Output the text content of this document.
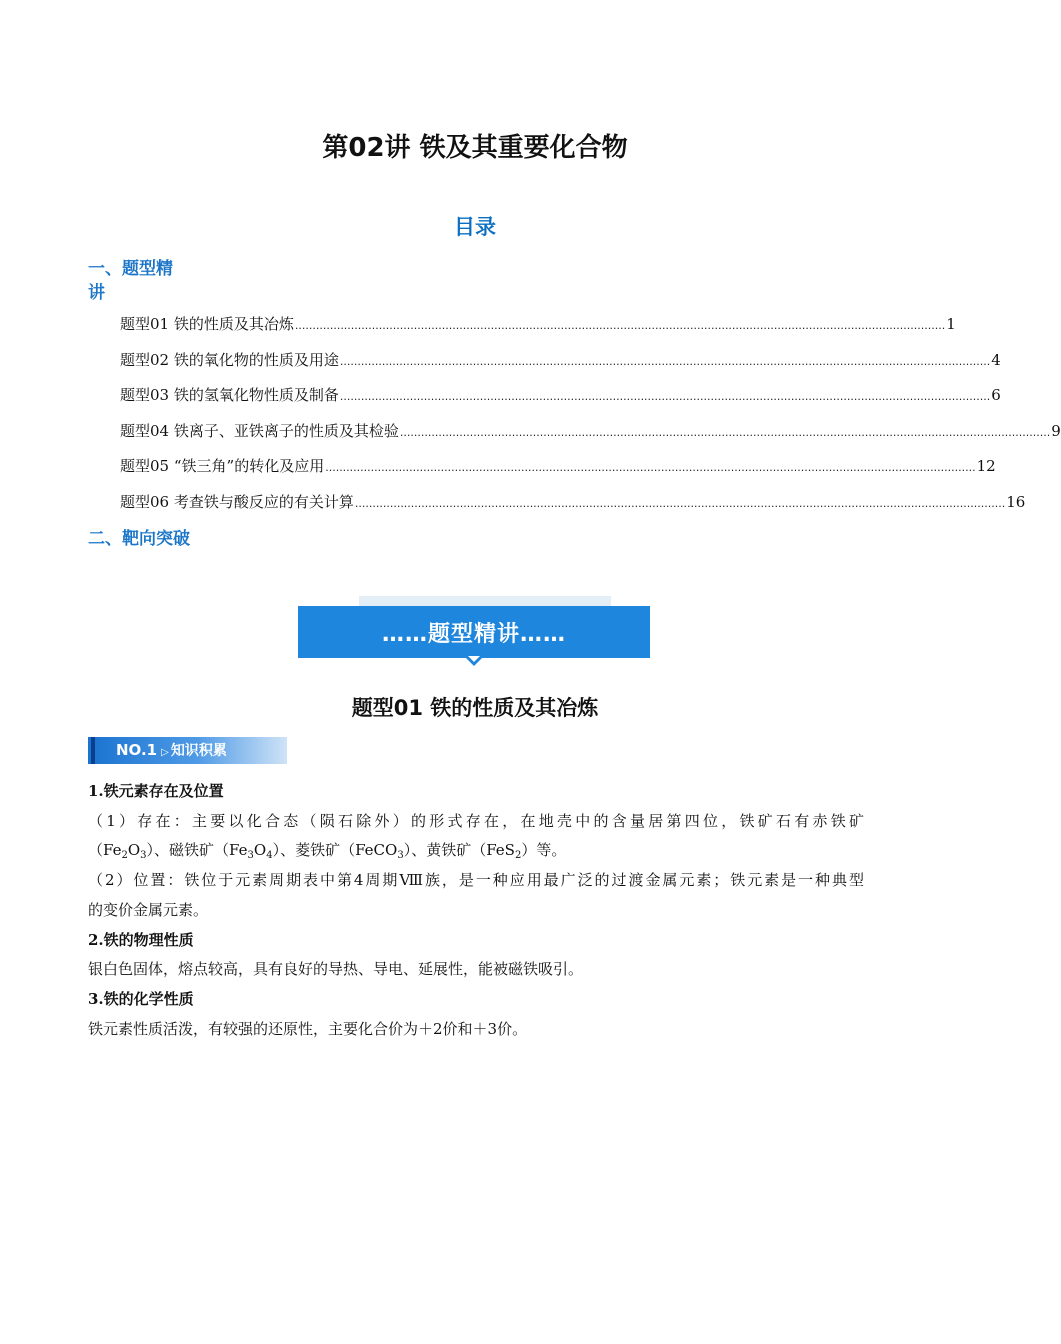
第02讲 铁及其重要化合物
目录
一、题型精讲
题型01 铁的性质及其冶炼 .......................................................................................................................................................................................... 1
题型02 铁的氧化物的性质及用途 .......................................................................................................................................................................................... 4
题型03 铁的氢氧化物性质及制备 .......................................................................................................................................................................................... 6
题型04 铁离子、亚铁离子的性质及其检验 .......................................................................................................................................................................................... 9
题型05 “铁三角”的转化及应用 .......................................................................................................................................................................................... 12
题型06 考查铁与酸反应的有关计算 .......................................................................................................................................................................................... 16
二、靶向突破
……题型精讲……
题型01 铁的性质及其冶炼
NO.1 ▷ 知识积累

1.铁元素存在及位置

（1）存在：主要以化合态（陨石除外）的形式存在，在地壳中的含量居第四位，铁矿石有赤铁矿

$(Fe_2O_3)$、磁铁矿$(Fe_3O_4)$、菱铁矿（FeCO$_3$）、黄铁矿（FeS$_2$）等。

（2）位置：铁位于元素周期表中第4周期Ⅷ族，是一种应用最广泛的过渡金属元素；铁元素是一种典型

的变价金属元素。

2.铁的物理性质

银白色固体，熔点较高，具有良好的导热、导电、延展性，能被磁铁吸引。

3.铁的化学性质

铁元素性质活泼，有较强的还原性，主要化合价为＋2价和＋3价。
